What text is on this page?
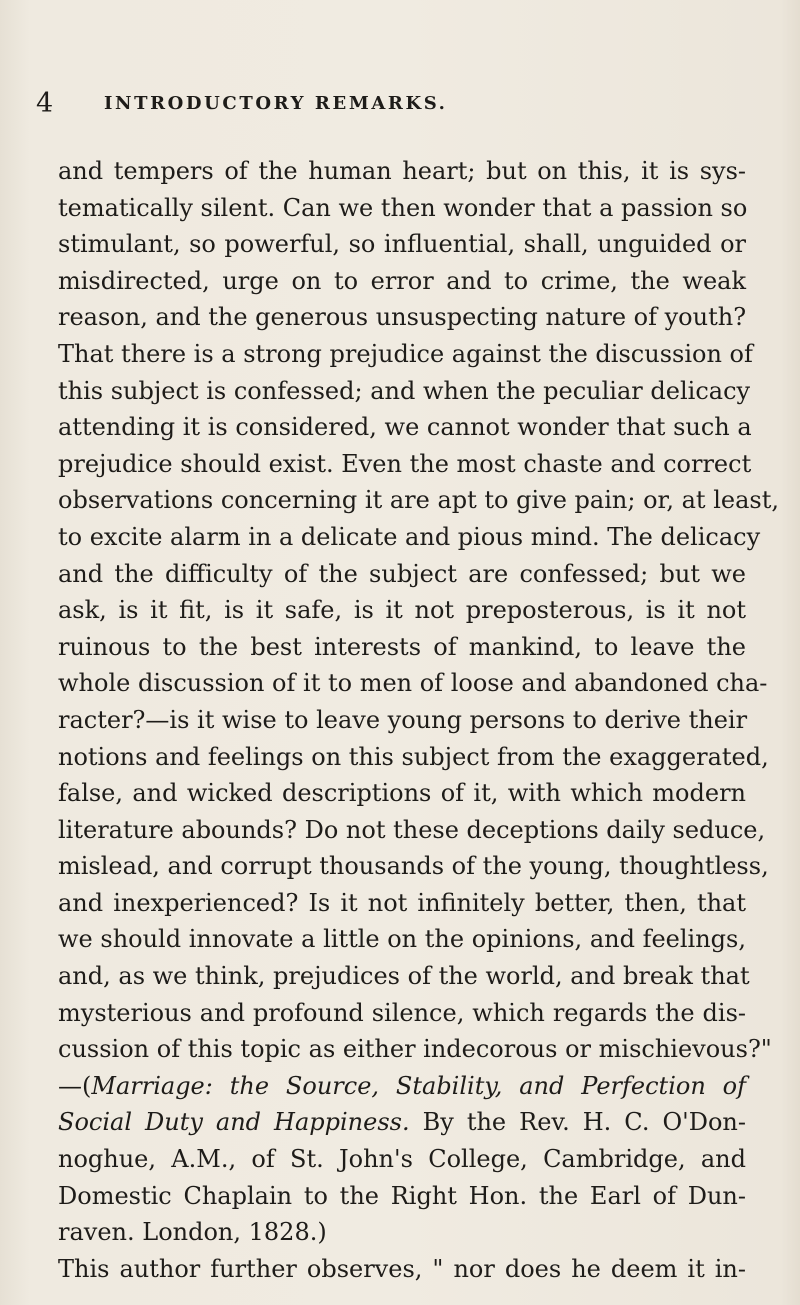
4	INTRODUCTORY REMARKS.
and tempers of the human heart; but on this, it is sys-
tematically silent. Can we then wonder that a passion so
stimulant, so powerful, so influential, shall, unguided or
misdirected, urge on to error and to crime, the weak
reason, and the generous unsuspecting nature of youth?
That there is a strong prejudice against the discussion of
this subject is confessed; and when the peculiar delicacy
attending it is considered, we cannot wonder that such a
prejudice should exist. Even the most chaste and correct
observations concerning it are apt to give pain; or, at least,
to excite alarm in a delicate and pious mind. The delicacy
and the difficulty of the subject are confessed; but we
ask, is it fit, is it safe, is it not preposterous, is it not
ruinous to the best interests of mankind, to leave the
whole discussion of it to men of loose and abandoned cha-
racter?—is it wise to leave young persons to derive their
notions and feelings on this subject from the exaggerated,
false, and wicked descriptions of it, with which modern
literature abounds? Do not these deceptions daily seduce,
mislead, and corrupt thousands of the young, thoughtless,
and inexperienced? Is it not infinitely better, then, that
we should innovate a little on the opinions, and feelings,
and, as we think, prejudices of the world, and break that
mysterious and profound silence, which regards the dis-
cussion of this topic as either indecorous or mischievous?"
—(Marriage: the Source, Stability, and Perfection of
Social Duty and Happiness. By the Rev. H. C. O'Don-
noghue, A.M., of St. John's College, Cambridge, and
Domestic Chaplain to the Right Hon. the Earl of Dun-
raven. London, 1828.)
This author further observes, " nor does he deem it in-
